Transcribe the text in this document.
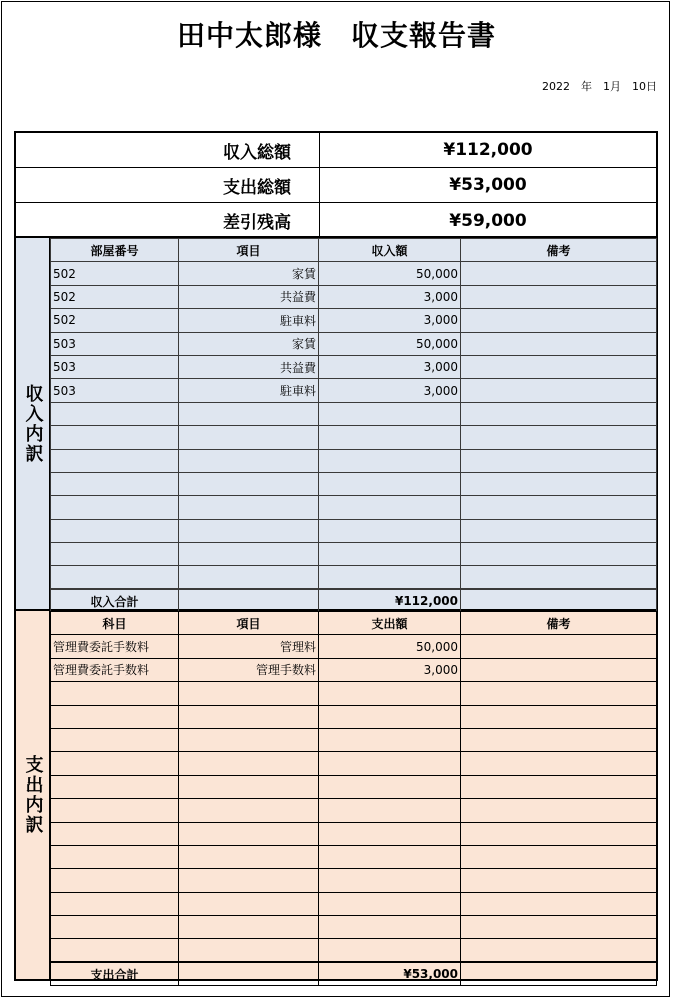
田中太郎様　収支報告書
2022　年　1月　10日
収入総額	¥112,000
支出総額	¥53,000
差引残高	¥59,000
収入内訳
部屋番号	項目	収入額	備考
502	家賃	50,000	
502	共益費	3,000	
502	駐車料	3,000	
503	家賃	50,000	
503	共益費	3,000	
503	駐車料	3,000	

収入合計		¥112,000	
支出内訳
科目	項目	支出額	備考
管理費委託手数料	管理料	50,000	
管理費委託手数料	管理手数料	3,000	

支出合計		¥53,000	
